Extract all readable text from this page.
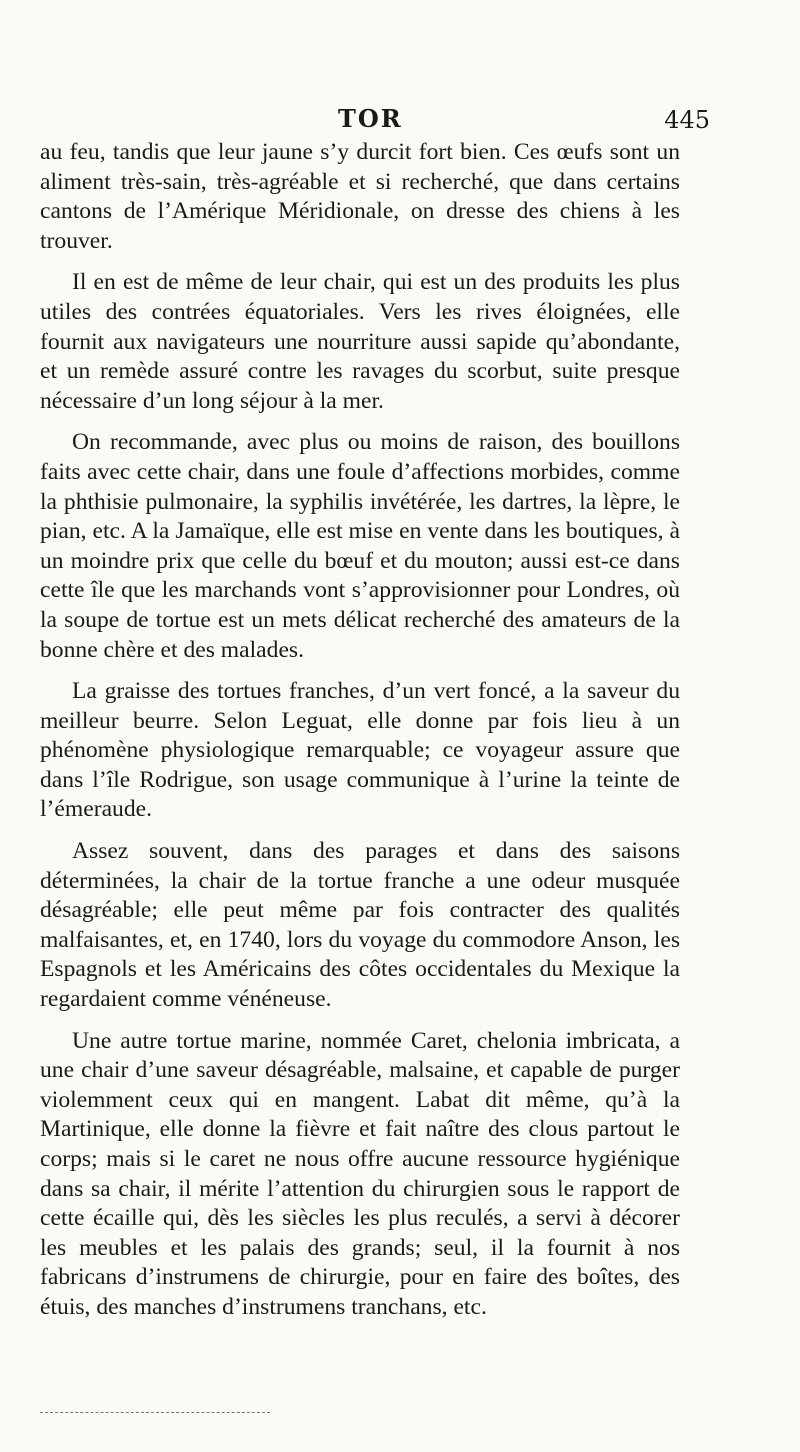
TOR	445

au feu, tandis que leur jaune s’y durcit fort bien. Ces œufs sont un aliment très-sain, très-agréable et si recherché, que dans certains cantons de l’Amérique Méridionale, on dresse des chiens à les trouver.

Il en est de même de leur chair, qui est un des produits les plus utiles des contrées équatoriales. Vers les rives éloignées, elle fournit aux navigateurs une nourriture aussi sapide qu’abondante, et un remède assuré contre les ravages du scorbut, suite presque nécessaire d’un long séjour à la mer.

On recommande, avec plus ou moins de raison, des bouillons faits avec cette chair, dans une foule d’affections morbides, comme la phthisie pulmonaire, la syphilis invétérée, les dartres, la lèpre, le pian, etc. A la Jamaïque, elle est mise en vente dans les boutiques, à un moindre prix que celle du bœuf et du mouton; aussi est-ce dans cette île que les marchands vont s’approvisionner pour Londres, où la soupe de tortue est un mets délicat recherché des amateurs de la bonne chère et des malades.

La graisse des tortues franches, d’un vert foncé, a la saveur du meilleur beurre. Selon Leguat, elle donne par fois lieu à un phénomène physiologique remarquable; ce voyageur assure que dans l’île Rodrigue, son usage communique à l’urine la teinte de l’émeraude.

Assez souvent, dans des parages et dans des saisons déterminées, la chair de la tortue franche a une odeur musquée désagréable; elle peut même par fois contracter des qualités malfaisantes, et, en 1740, lors du voyage du commodore Anson, les Espagnols et les Américains des côtes occidentales du Mexique la regardaient comme vénéneuse.

Une autre tortue marine, nommée Caret, chelonia imbricata, a une chair d’une saveur désagréable, malsaine, et capable de purger violemment ceux qui en mangent. Labat dit même, qu’à la Martinique, elle donne la fièvre et fait naître des clous partout le corps; mais si le caret ne nous offre aucune ressource hygiénique dans sa chair, il mérite l’attention du chirurgien sous le rapport de cette écaille qui, dès les siècles les plus reculés, a servi à décorer les meubles et les palais des grands; seul, il la fournit à nos fabricans d’instrumens de chirurgie, pour en faire des boîtes, des étuis, des manches d’instrumens tranchans, etc.
